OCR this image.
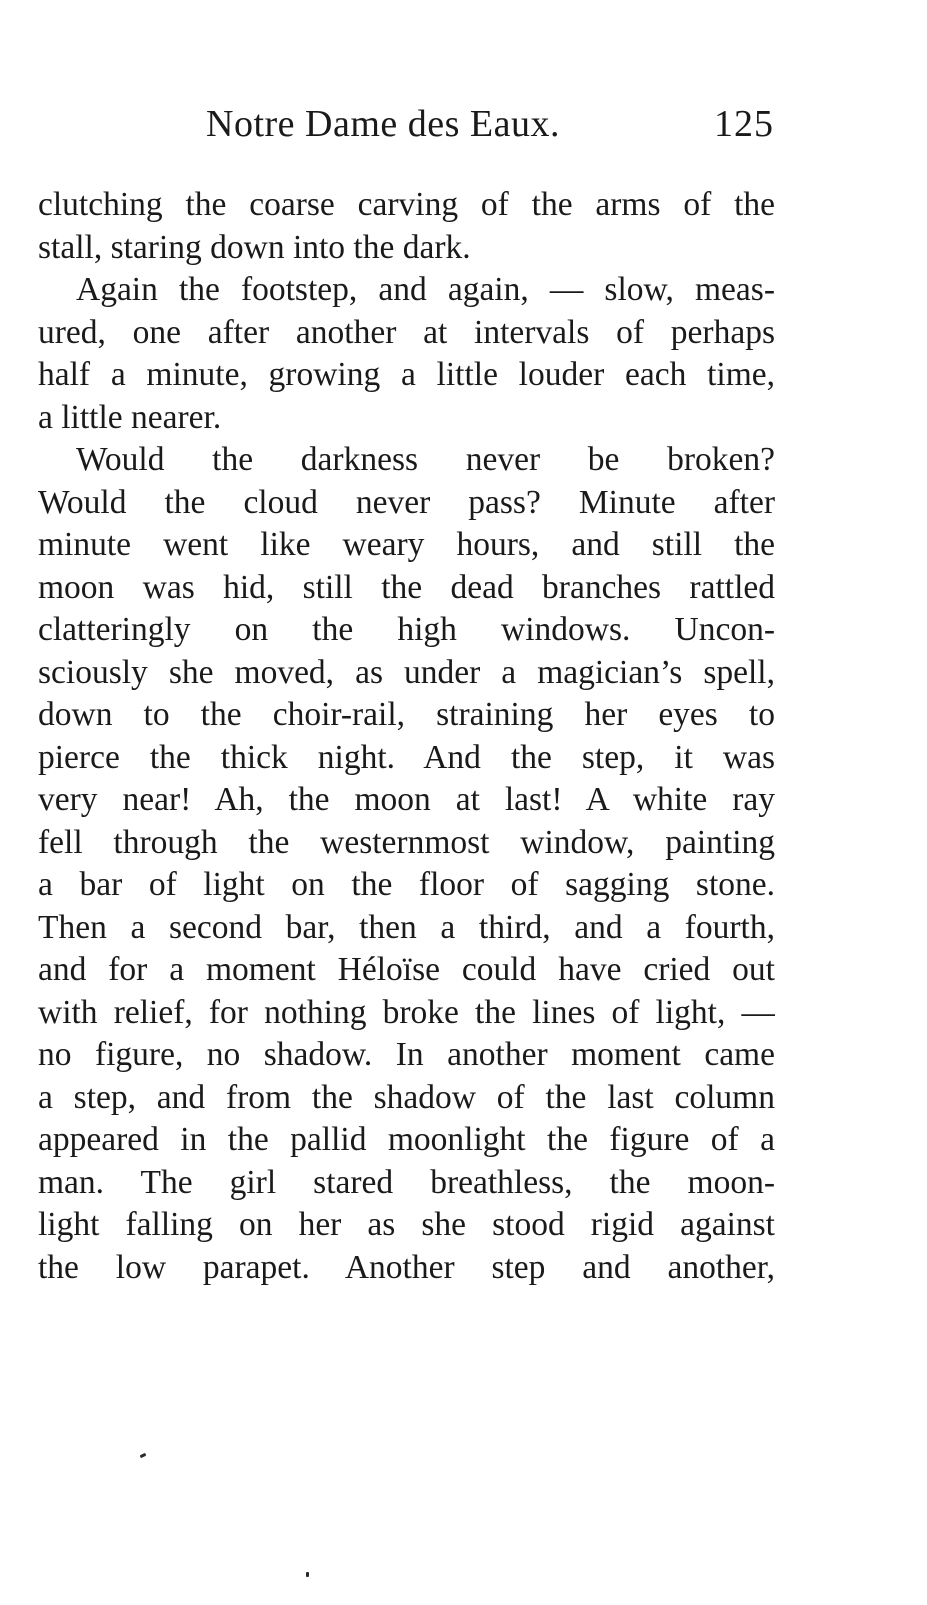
Notre Dame des Eaux.	125
clutching the coarse carving of the arms of the
stall, staring down into the dark.
Again the footstep, and again, — slow, meas-
ured, one after another at intervals of perhaps
half a minute, growing a little louder each time,
a little nearer.
Would the darkness never be broken?
Would the cloud never pass? Minute after
minute went like weary hours, and still the
moon was hid, still the dead branches rattled
clatteringly on the high windows. Uncon-
sciously she moved, as under a magician’s spell,
down to the choir-rail, straining her eyes to
pierce the thick night. And the step, it was
very near! Ah, the moon at last! A white ray
fell through the westernmost window, painting
a bar of light on the floor of sagging stone.
Then a second bar, then a third, and a fourth,
and for a moment Héloïse could have cried out
with relief, for nothing broke the lines of light, —
no figure, no shadow. In another moment came
a step, and from the shadow of the last column
appeared in the pallid moonlight the figure of a
man. The girl stared breathless, the moon-
light falling on her as she stood rigid against
the low parapet. Another step and another,
